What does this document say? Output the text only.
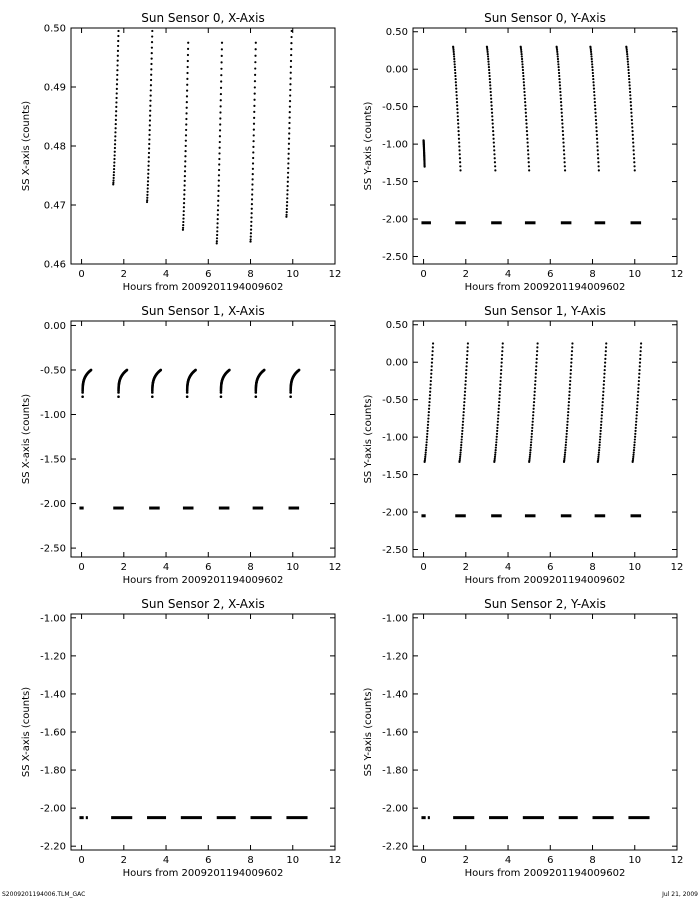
Sun Sensor 0, X-Axis
0	2	4	6	8	10	12
0.46
0.47
0.48
0.49
0.50
Hours from 2009201194009602
SS X-axis (counts)
Sun Sensor 0, Y-Axis
0	2	4	6	8	10	12
-2.50
-2.00
-1.50
-1.00
-0.50
0.00
0.50
Hours from 2009201194009602
SS Y-axis (counts)
Sun Sensor 1, X-Axis
0	2	4	6	8	10	12
-2.50
-2.00
-1.50
-1.00
-0.50
0.00
Hours from 2009201194009602
SS X-axis (counts)
Sun Sensor 1, Y-Axis
0	2	4	6	8	10	12
-2.50
-2.00
-1.50
-1.00
-0.50
0.00
0.50
Hours from 2009201194009602
SS Y-axis (counts)
Sun Sensor 2, X-Axis
0	2	4	6	8	10	12
-2.20
-2.00
-1.80
-1.60
-1.40
-1.20
-1.00
Hours from 2009201194009602
SS X-axis (counts)
Sun Sensor 2, Y-Axis
0	2	4	6	8	10	12
-2.20
-2.00
-1.80
-1.60
-1.40
-1.20
-1.00
Hours from 2009201194009602
SS Y-axis (counts)
S2009201194006.TLM_GAC	Jul 21, 2009
